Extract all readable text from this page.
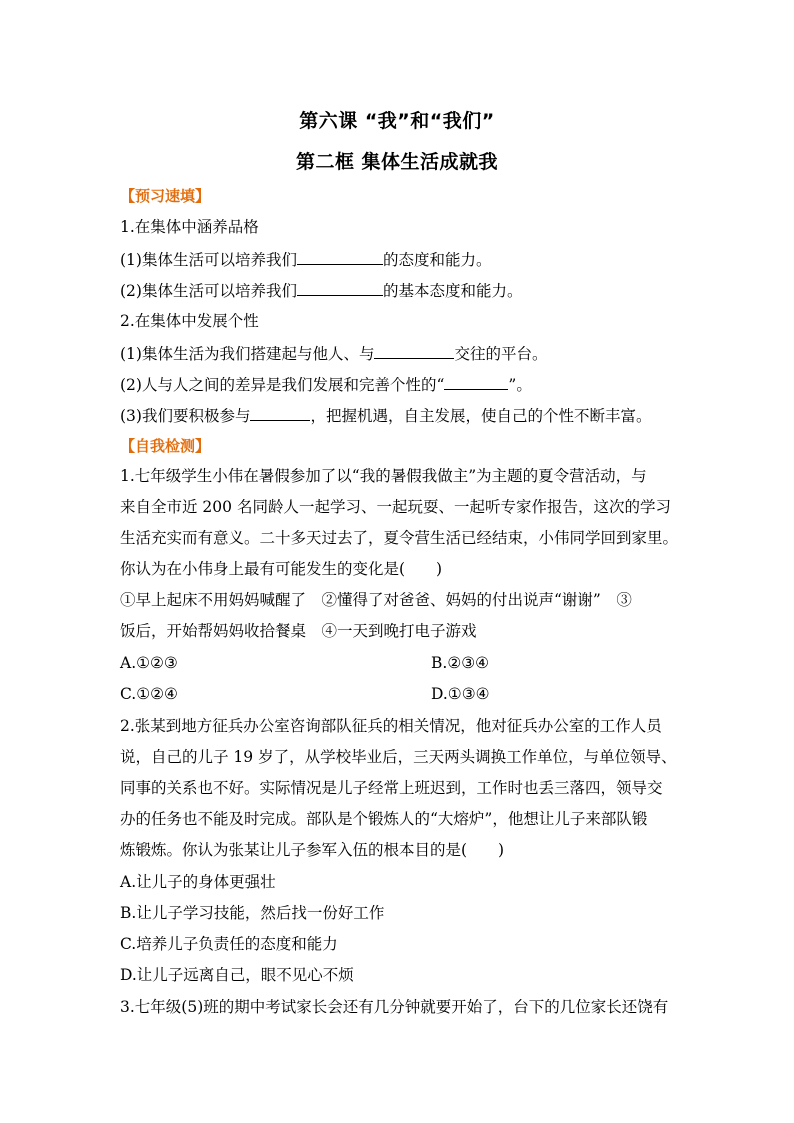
第六课 “我”和“我们”
第二框 集体生活成就我
【预习速填】
1.在集体中涵养品格
(1)集体生活可以培养我们	的态度和能力。
(2)集体生活可以培养我们	的基本态度和能力。
2.在集体中发展个性
(1)集体生活为我们搭建起与他人、与	交往的平台。
(2)人与人之间的差异是我们发展和完善个性的“	”。
(3)我们要积极参与	，把握机遇，自主发展，使自己的个性不断丰富。
【自我检测】
1.七年级学生小伟在暑假参加了以“我的暑假我做主”为主题的夏令营活动，与
来自全市近 200 名同龄人一起学习、一起玩耍、一起听专家作报告，这次的学习
生活充实而有意义。二十多天过去了，夏令营生活已经结束，小伟同学回到家里。
你认为在小伟身上最有可能发生的变化是(　　)
①早上起床不用妈妈喊醒了　②懂得了对爸爸、妈妈的付出说声“谢谢”　③
饭后，开始帮妈妈收拾餐桌　④一天到晚打电子游戏
A.①②③	B.②③④
C.①②④	D.①③④
2.张某到地方征兵办公室咨询部队征兵的相关情况，他对征兵办公室的工作人员
说，自己的儿子 19 岁了，从学校毕业后，三天两头调换工作单位，与单位领导、
同事的关系也不好。实际情况是儿子经常上班迟到，工作时也丢三落四，领导交
办的任务也不能及时完成。部队是个锻炼人的“大熔炉”，他想让儿子来部队锻
炼锻炼。你认为张某让儿子参军入伍的根本目的是(　　)
A.让儿子的身体更强壮
B.让儿子学习技能，然后找一份好工作
C.培养儿子负责任的态度和能力
D.让儿子远离自己，眼不见心不烦
3.七年级(5)班的期中考试家长会还有几分钟就要开始了，台下的几位家长还饶有
